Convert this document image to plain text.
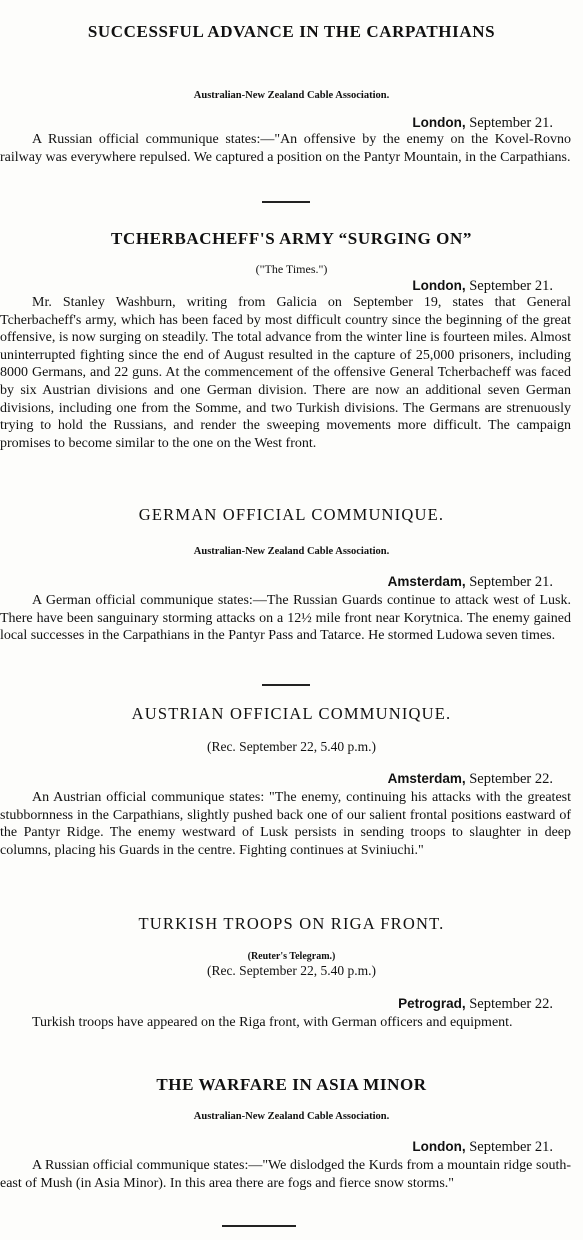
SUCCESSFUL ADVANCE IN THE CARPATHIANS
Australian-New Zealand Cable Association.
London, September 21.
A Russian official communique states:—"An offensive by the enemy on the Kovel-Rovno railway was everywhere repulsed. We captured a position on the Pantyr Mountain, in the Carpathians.
TCHERBACHEFF'S ARMY “SURGING ON”
("The Times.")
London, September 21.
Mr. Stanley Washburn, writing from Galicia on September 19, states that General Tcherbacheff's army, which has been faced by most difficult country since the beginning of the great offensive, is now surging on steadily. The total advance from the winter line is fourteen miles. Almost uninterrupted fighting since the end of August resulted in the capture of 25,000 prisoners, including 8000 Germans, and 22 guns. At the commencement of the offensive General Tcherbacheff was faced by six Austrian divisions and one German division. There are now an additional seven German divisions, including one from the Somme, and two Turkish divisions. The Germans are strenuously trying to hold the Russians, and render the sweeping movements more difficult. The campaign promises to become similar to the one on the West front.
GERMAN OFFICIAL COMMUNIQUE.
Australian-New Zealand Cable Association.
Amsterdam, September 21.
A German official communique states:—The Russian Guards continue to attack west of Lusk. There have been sanguinary storming attacks on a 12½ mile front near Korytnica. The enemy gained local successes in the Carpathians in the Pantyr Pass and Tatarce. He stormed Ludowa seven times.
AUSTRIAN OFFICIAL COMMUNIQUE.
(Rec. September 22, 5.40 p.m.)
Amsterdam, September 22.
An Austrian official communique states: "The enemy, continuing his attacks with the greatest stubbornness in the Carpathians, slightly pushed back one of our salient frontal positions eastward of the Pantyr Ridge. The enemy westward of Lusk persists in sending troops to slaughter in deep columns, placing his Guards in the centre. Fighting continues at Sviniuchi."
TURKISH TROOPS ON RIGA FRONT.
(Reuter's Telegram.)
(Rec. September 22, 5.40 p.m.)
Petrograd, September 22.
Turkish troops have appeared on the Riga front, with German officers and equipment.
THE WARFARE IN ASIA MINOR
Australian-New Zealand Cable Association.
London, September 21.
A Russian official communique states:—"We dislodged the Kurds from a mountain ridge south-east of Mush (in Asia Minor). In this area there are fogs and fierce snow storms."
